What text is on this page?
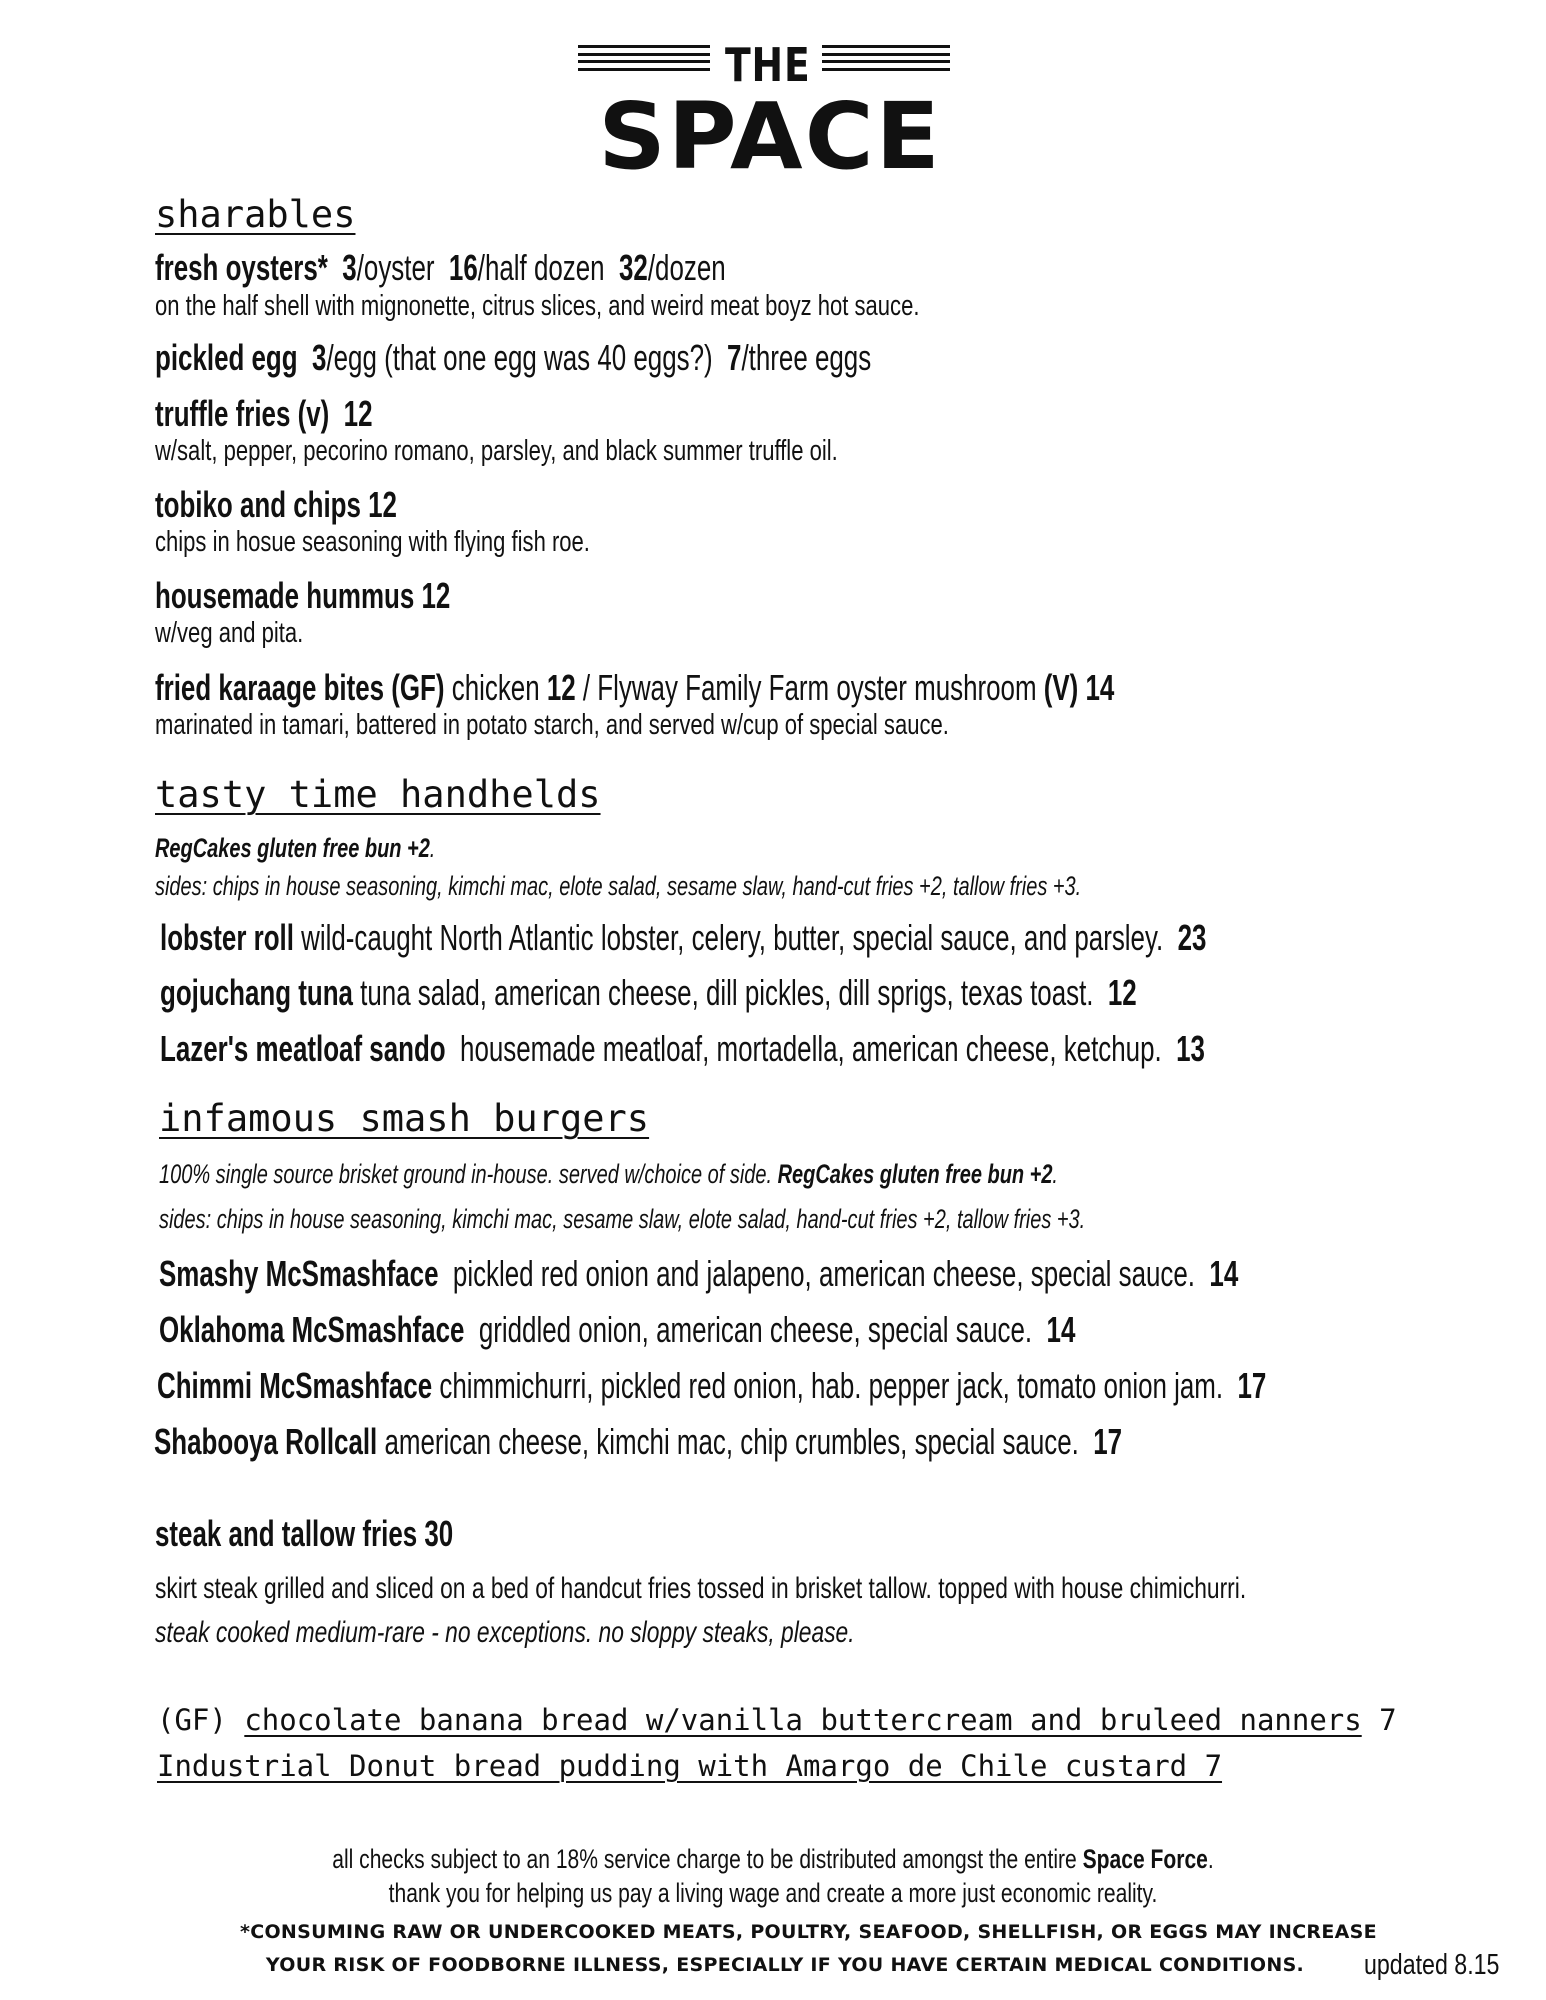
THE
SPACE
sharables
fresh oysters* 3/oyster 16/half dozen 32/dozen
on the half shell with mignonette, citrus slices, and weird meat boyz hot sauce.
pickled egg 3/egg (that one egg was 40 eggs?) 7/three eggs
truffle fries (v) 12
w/salt, pepper, pecorino romano, parsley, and black summer truffle oil.
tobiko and chips 12
chips in hosue seasoning with flying fish roe.
housemade hummus 12
w/veg and pita.
fried karaage bites (GF) chicken 12 / Flyway Family Farm oyster mushroom (V) 14
marinated in tamari, battered in potato starch, and served w/cup of special sauce.
tasty time handhelds
RegCakes gluten free bun +2.
sides: chips in house seasoning, kimchi mac, elote salad, sesame slaw, hand-cut fries +2, tallow fries +3.
lobster roll wild-caught North Atlantic lobster, celery, butter, special sauce, and parsley. 23
gojuchang tuna tuna salad, american cheese, dill pickles, dill sprigs, texas toast. 12
Lazer's meatloaf sando housemade meatloaf, mortadella, american cheese, ketchup. 13
infamous smash burgers
100% single source brisket ground in-house. served w/choice of side. RegCakes gluten free bun +2.
sides: chips in house seasoning, kimchi mac, sesame slaw, elote salad, hand-cut fries +2, tallow fries +3.
Smashy McSmashface pickled red onion and jalapeno, american cheese, special sauce. 14
Oklahoma McSmashface griddled onion, american cheese, special sauce. 14
Chimmi McSmashface chimmichurri, pickled red onion, hab. pepper jack, tomato onion jam. 17
Shabooya Rollcall american cheese, kimchi mac, chip crumbles, special sauce. 17
steak and tallow fries 30
skirt steak grilled and sliced on a bed of handcut fries tossed in brisket tallow. topped with house chimichurri.
steak cooked medium-rare - no exceptions. no sloppy steaks, please.
(GF) chocolate banana bread w/vanilla buttercream and bruleed nanners 7
Industrial Donut bread pudding with Amargo de Chile custard 7
all checks subject to an 18% service charge to be distributed amongst the entire Space Force.
thank you for helping us pay a living wage and create a more just economic reality.
*CONSUMING RAW OR UNDERCOOKED MEATS, POULTRY, SEAFOOD, SHELLFISH, OR EGGS MAY INCREASE
YOUR RISK OF FOODBORNE ILLNESS, ESPECIALLY IF YOU HAVE CERTAIN MEDICAL CONDITIONS.	updated 8.15
